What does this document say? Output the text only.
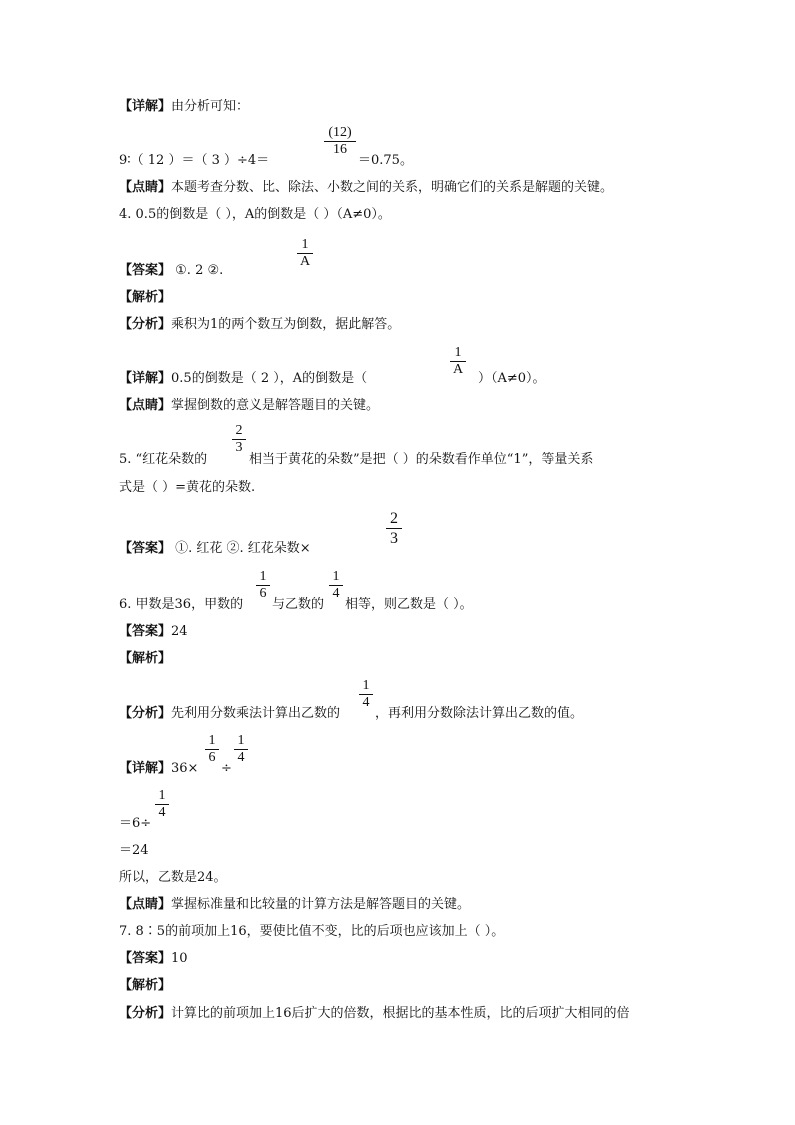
【详解】由分析可知：
9∶（ 12 ）＝（ 3 ）÷4＝
(12)
16
＝0.75。
【点睛】本题考查分数、比、除法、小数之间的关系，明确它们的关系是解题的关键。
4. 0.5的倒数是（ ），A的倒数是（ ）（A≠0）。
【答案】 ①. 2 ②.
1
A
【解析】
【分析】乘积为1的两个数互为倒数，据此解答。
【详解】0.5的倒数是（ 2 ），A的倒数是（
1
A
）（A≠0）。
【点睛】掌握倒数的意义是解答题目的关键。
5. “红花朵数的
2
3
相当于黄花的朵数”是把（ ）的朵数看作单位“1”，等量关系
式是（ ）=黄花的朵数.
【答案】 ①. 红花 ②. 红花朵数×
2
3
6. 甲数是36，甲数的
1
6
与乙数的
1
4
相等，则乙数是（ ）。
【答案】24
【解析】
【分析】先利用分数乘法计算出乙数的
1
4
，再利用分数除法计算出乙数的值。
【详解】36×
1
6
÷
1
4
＝6÷
1
4
＝24
所以，乙数是24。
【点睛】掌握标准量和比较量的计算方法是解答题目的关键。
7. 8∶5的前项加上16，要使比值不变，比的后项也应该加上（ ）。
【答案】10
【解析】
【分析】计算比的前项加上16后扩大的倍数，根据比的基本性质，比的后项扩大相同的倍
